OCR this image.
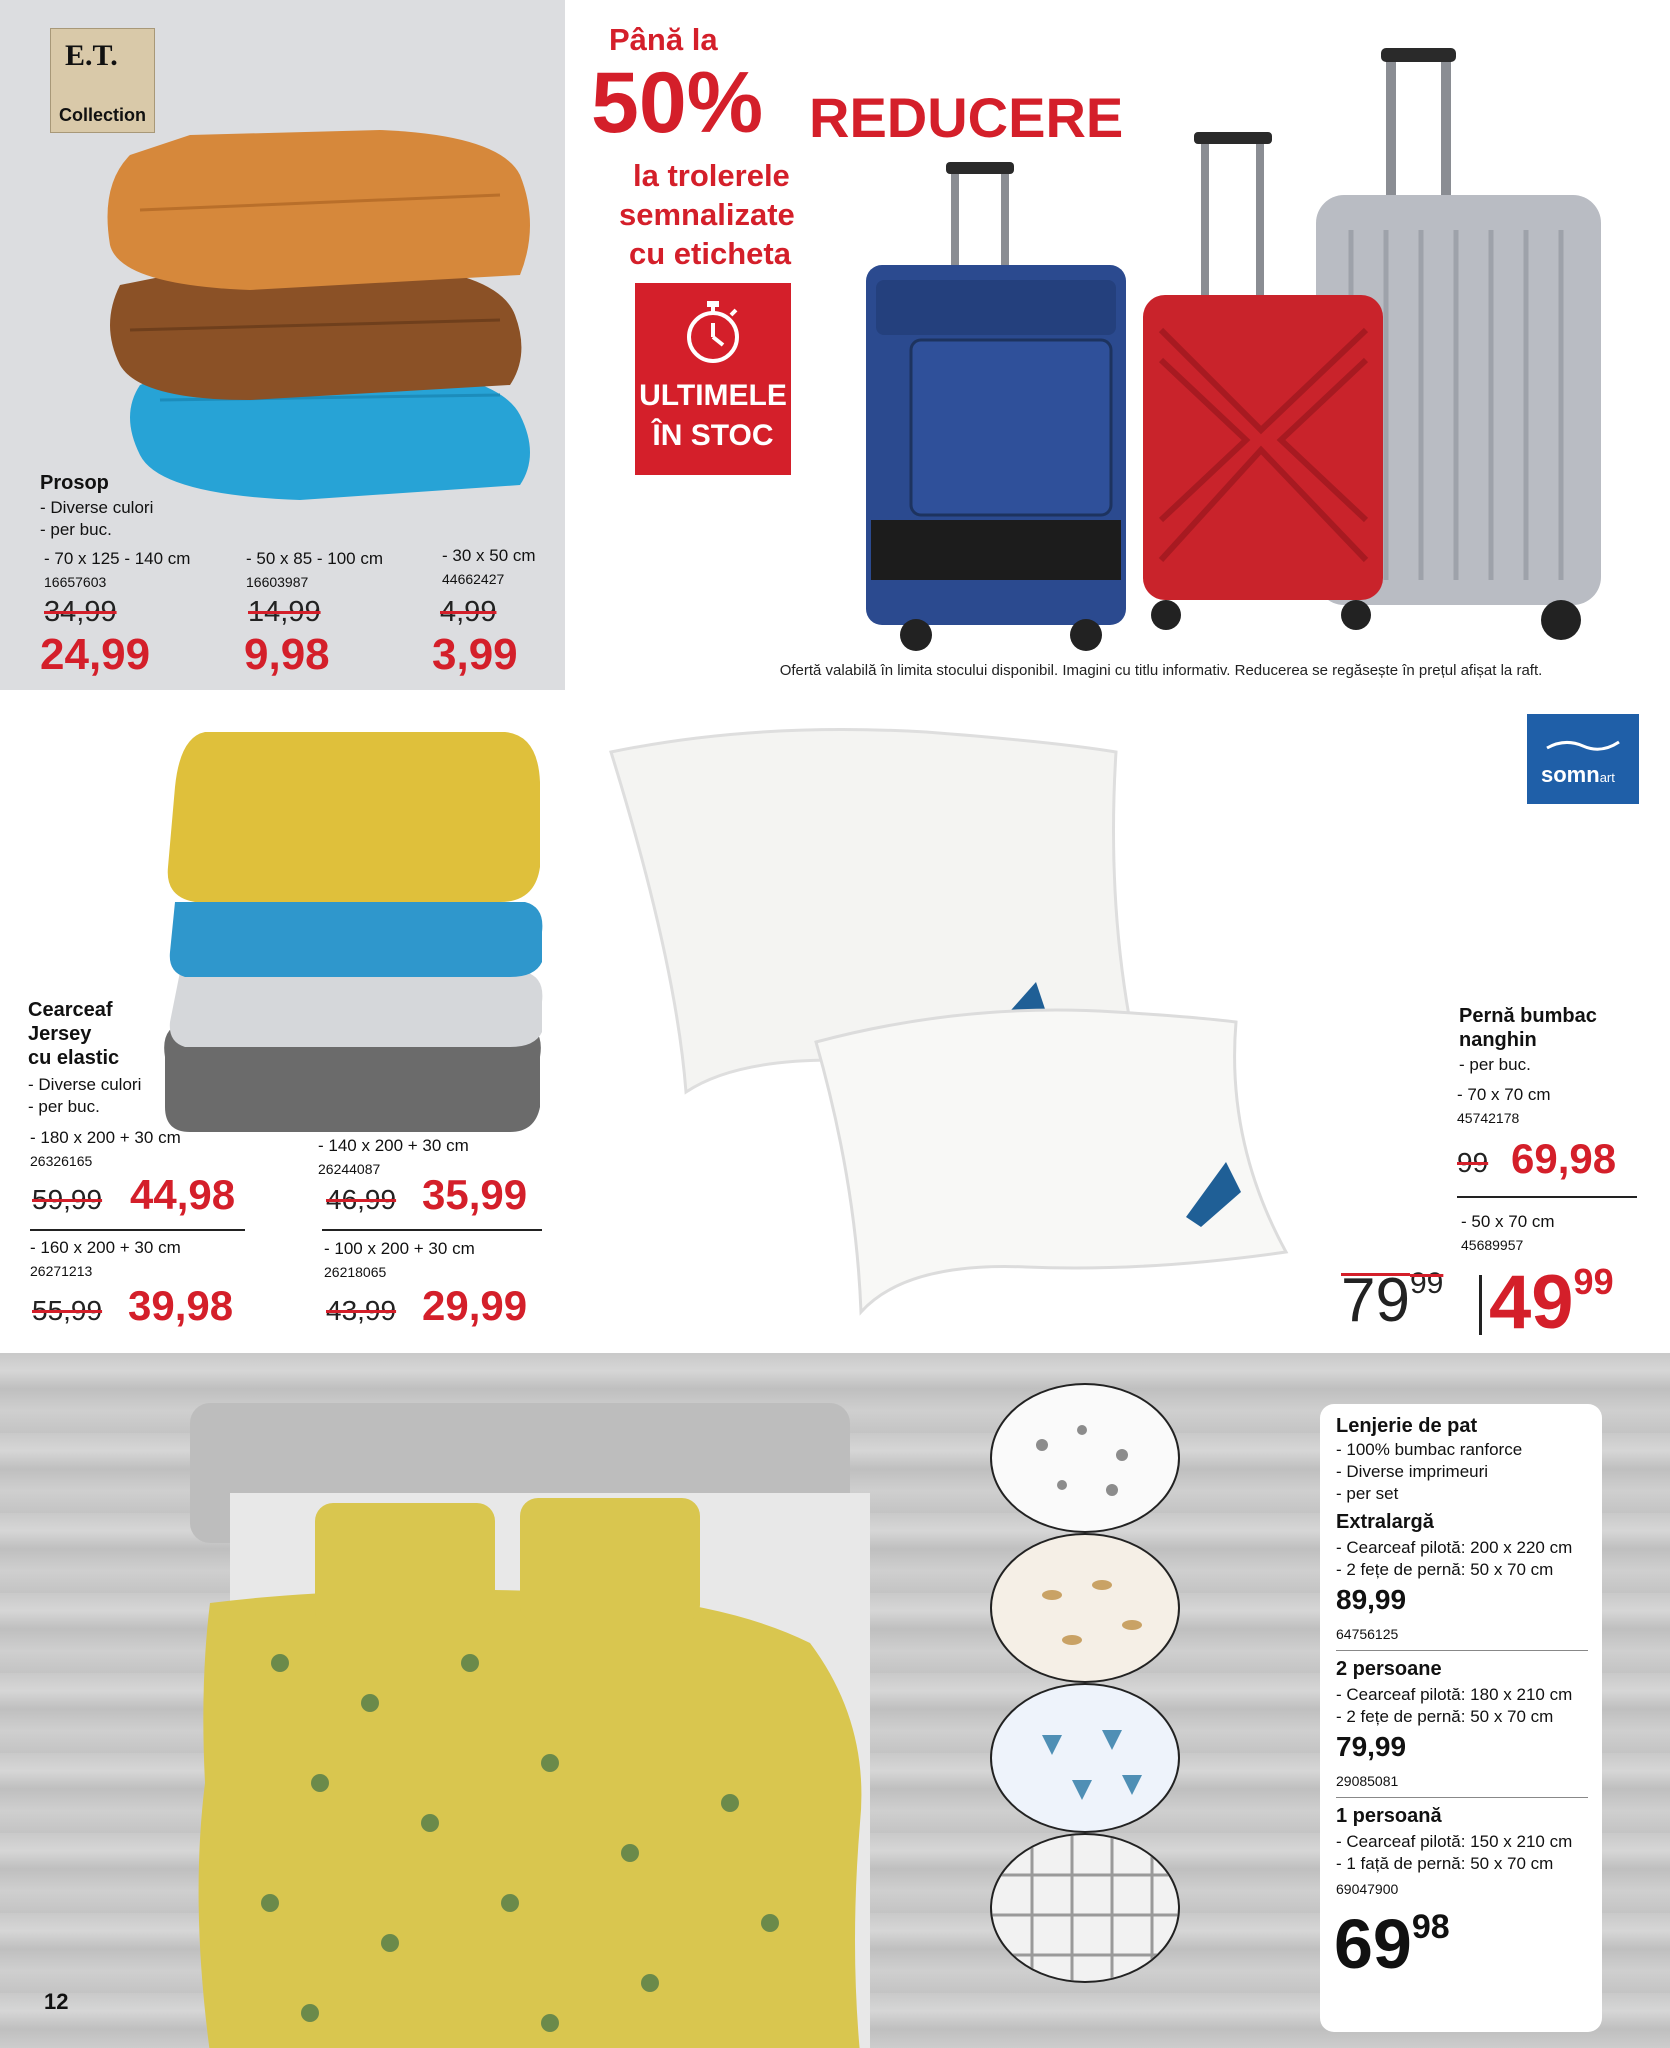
E.T.
Collection
Prosop
- Diverse culori
- per buc.
- 70 x 125 - 140 cm
16657603
34,99
24,99
- 50 x 85 - 100 cm
16603987
14,99
9,98
- 30 x 50 cm
44662427
4,99
3,99
Până la
50% REDUCERE
la trolerele
semnalizate
cu eticheta
ULTIMELE
ÎN STOC
Ofertă valabilă în limita stocului disponibil. Imagini cu titlu informativ. Reducerea se regăsește în prețul afișat la raft.
Cearceaf
Jersey
cu elastic
- Diverse culori
- per buc.
- 180 x 200 + 30 cm
26326165
59,99 44,98
- 140 x 200 + 30 cm
26244087
46,99 35,99
- 160 x 200 + 30 cm
26271213
55,99 39,98
- 100 x 200 + 30 cm
26218065
43,99 29,99
somnart
Pernă bumbac
nanghin
- per buc.
- 70 x 70 cm
45742178
99 69,98
- 50 x 70 cm
45689957
7999 4999
Lenjerie de pat
- 100% bumbac ranforce
- Diverse imprimeuri
- per set
Extralargă
- Cearceaf pilotă: 200 x 220 cm
- 2 fețe de pernă: 50 x 70 cm
89,99
64756125
2 persoane
- Cearceaf pilotă: 180 x 210 cm
- 2 fețe de pernă: 50 x 70 cm
79,99
29085081
1 persoană
- Cearceaf pilotă: 150 x 210 cm
- 1 față de pernă: 50 x 70 cm
69047900
6998
12
